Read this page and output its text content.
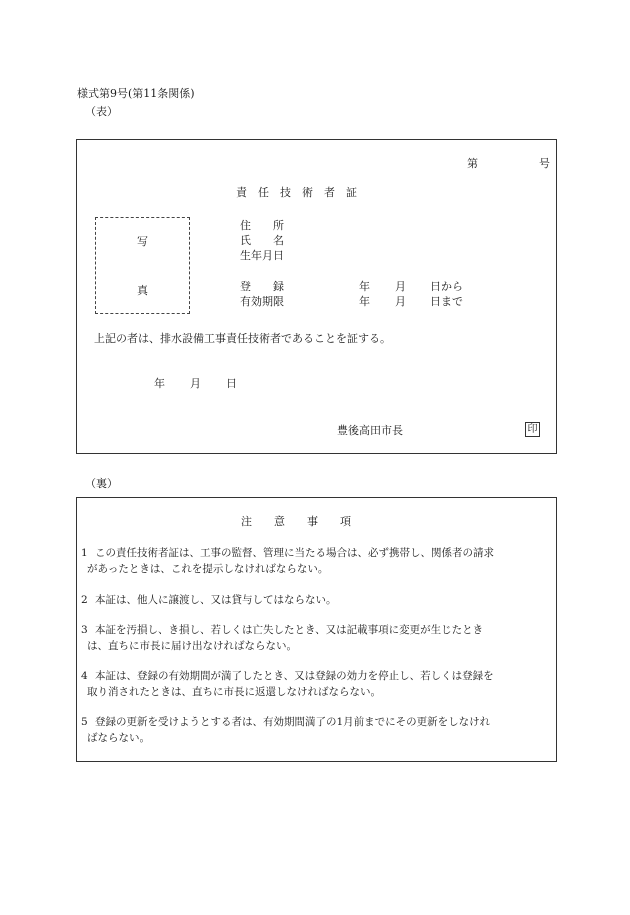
様式第9号(第11条関係)
（表）
第	号
責　任　技　術　者　証
写
真
住　　所
氏　　名
生年月日
登　　録
有効期限
年 月 日から
年 月 日まで
上記の者は、排水設備工事責任技術者であることを証する。
年 月 日
豊後高田市長	印
（裏）
注　　意　　事　　項
1 この責任技術者証は、工事の監督、管理に当たる場合は、必ず携帯し、関係者の請求
があったときは、これを提示しなければならない。
2 本証は、他人に譲渡し、又は貸与してはならない。
3 本証を汚損し、き損し、若しくは亡失したとき、又は記載事項に変更が生じたとき
は、直ちに市長に届け出なければならない。
4 本証は、登録の有効期間が満了したとき、又は登録の効力を停止し、若しくは登録を
取り消されたときは、直ちに市長に返還しなければならない。
5 登録の更新を受けようとする者は、有効期間満了の1月前までにその更新をしなけれ
ばならない。
